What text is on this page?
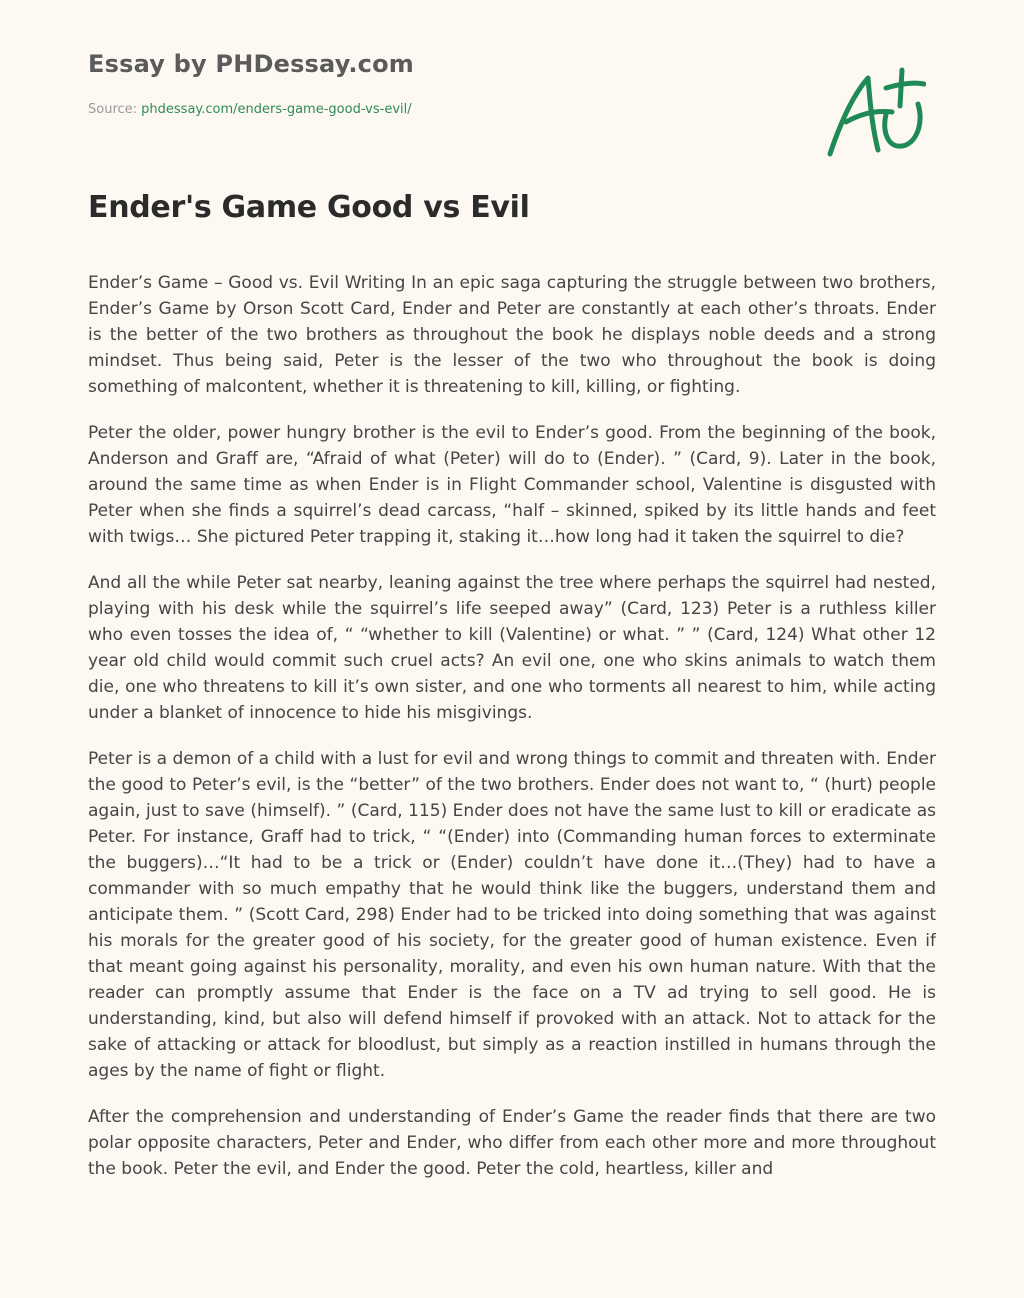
Essay by PHDessay.com
Source: phdessay.com/enders-game-good-vs-evil/
Ender's Game Good vs Evil

Ender’s Game – Good vs. Evil Writing In an epic saga capturing the struggle between two brothers, Ender’s Game by Orson Scott Card, Ender and Peter are constantly at each other’s throats. Ender is the better of the two brothers as throughout the book he displays noble deeds and a strong mindset. Thus being said, Peter is the lesser of the two who throughout the book is doing something of malcontent, whether it is threatening to kill, killing, or fighting.

Peter the older, power hungry brother is the evil to Ender’s good. From the beginning of the book, Anderson and Graff are, “Afraid of what (Peter) will do to (Ender). ” (Card, 9). Later in the book, around the same time as when Ender is in Flight Commander school, Valentine is disgusted with Peter when she finds a squirrel’s dead carcass, “half – skinned, spiked by its little hands and feet with twigs… She pictured Peter trapping it, staking it…how long had it taken the squirrel to die?

And all the while Peter sat nearby, leaning against the tree where perhaps the squirrel had nested, playing with his desk while the squirrel’s life seeped away” (Card, 123) Peter is a ruthless killer who even tosses the idea of, “ “whether to kill (Valentine) or what. ” ” (Card, 124) What other 12 year old child would commit such cruel acts? An evil one, one who skins animals to watch them die, one who threatens to kill it’s own sister, and one who torments all nearest to him, while acting under a blanket of innocence to hide his misgivings.

Peter is a demon of a child with a lust for evil and wrong things to commit and threaten with. Ender the good to Peter’s evil, is the “better” of the two brothers. Ender does not want to, “ (hurt) people again, just to save (himself). ” (Card, 115) Ender does not have the same lust to kill or eradicate as Peter. For instance, Graff had to trick, “ “(Ender) into (Commanding human forces to exterminate the buggers)…“It had to be a trick or (Ender) couldn’t have done it…(They) had to have a commander with so much empathy that he would think like the buggers, understand them and anticipate them. ” (Scott Card, 298) Ender had to be tricked into doing something that was against his morals for the greater good of his society, for the greater good of human existence. Even if that meant going against his personality, morality, and even his own human nature. With that the reader can promptly assume that Ender is the face on a TV ad trying to sell good. He is understanding, kind, but also will defend himself if provoked with an attack. Not to attack for the sake of attacking or attack for bloodlust, but simply as a reaction instilled in humans through the ages by the name of fight or flight.

After the comprehension and understanding of Ender’s Game the reader finds that there are two polar opposite characters, Peter and Ender, who differ from each other more and more throughout the book. Peter the evil, and Ender the good. Peter the cold, heartless, killer and
